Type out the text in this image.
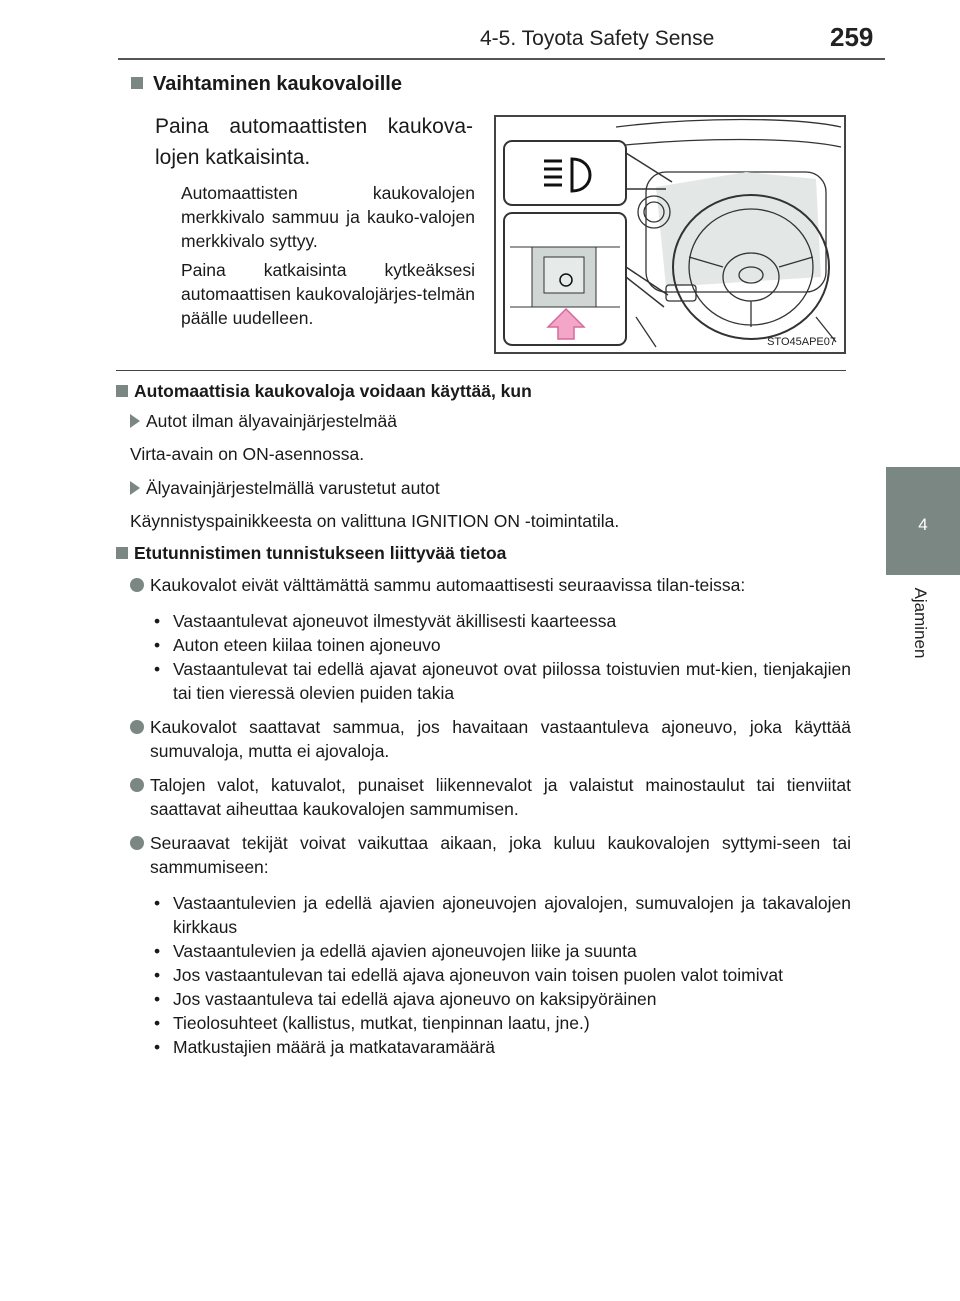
4-5. Toyota Safety Sense	259
4
Ajaminen
Vaihtaminen kaukovaloille
Paina automaattisten kaukova-lojen katkaisinta.
Automaattisten kaukovalojen merkkivalo sammuu ja kauko-valojen merkkivalo syttyy.
Paina katkaisinta kytkeäksesi automaattisen kaukovalojärjes-telmän päälle uudelleen.
STO45APE07
Automaattisia kaukovaloja voidaan käyttää, kun
Autot ilman älyavainjärjestelmää
Virta-avain on ON-asennossa.
Älyavainjärjestelmällä varustetut autot
Käynnistyspainikkeesta on valittuna IGNITION ON -toimintatila.
Etutunnistimen tunnistukseen liittyvää tietoa
Kaukovalot eivät välttämättä sammu automaattisesti seuraavissa tilan-teissa:
• Vastaantulevat ajoneuvot ilmestyvät äkillisesti kaarteessa
• Auton eteen kiilaa toinen ajoneuvo
• Vastaantulevat tai edellä ajavat ajoneuvot ovat piilossa toistuvien mut-kien, tienjakajien tai tien vieressä olevien puiden takia
Kaukovalot saattavat sammua, jos havaitaan vastaantuleva ajoneuvo, joka käyttää sumuvaloja, mutta ei ajovaloja.
Talojen valot, katuvalot, punaiset liikennevalot ja valaistut mainostaulut tai tienviitat saattavat aiheuttaa kaukovalojen sammumisen.
Seuraavat tekijät voivat vaikuttaa aikaan, joka kuluu kaukovalojen syttymi-seen tai sammumiseen:
• Vastaantulevien ja edellä ajavien ajoneuvojen ajovalojen, sumuvalojen ja takavalojen kirkkaus
• Vastaantulevien ja edellä ajavien ajoneuvojen liike ja suunta
• Jos vastaantulevan tai edellä ajava ajoneuvon vain toisen puolen valot toimivat
• Jos vastaantuleva tai edellä ajava ajoneuvo on kaksipyöräinen
• Tieolosuhteet (kallistus, mutkat, tienpinnan laatu, jne.)
• Matkustajien määrä ja matkatavaramäärä
